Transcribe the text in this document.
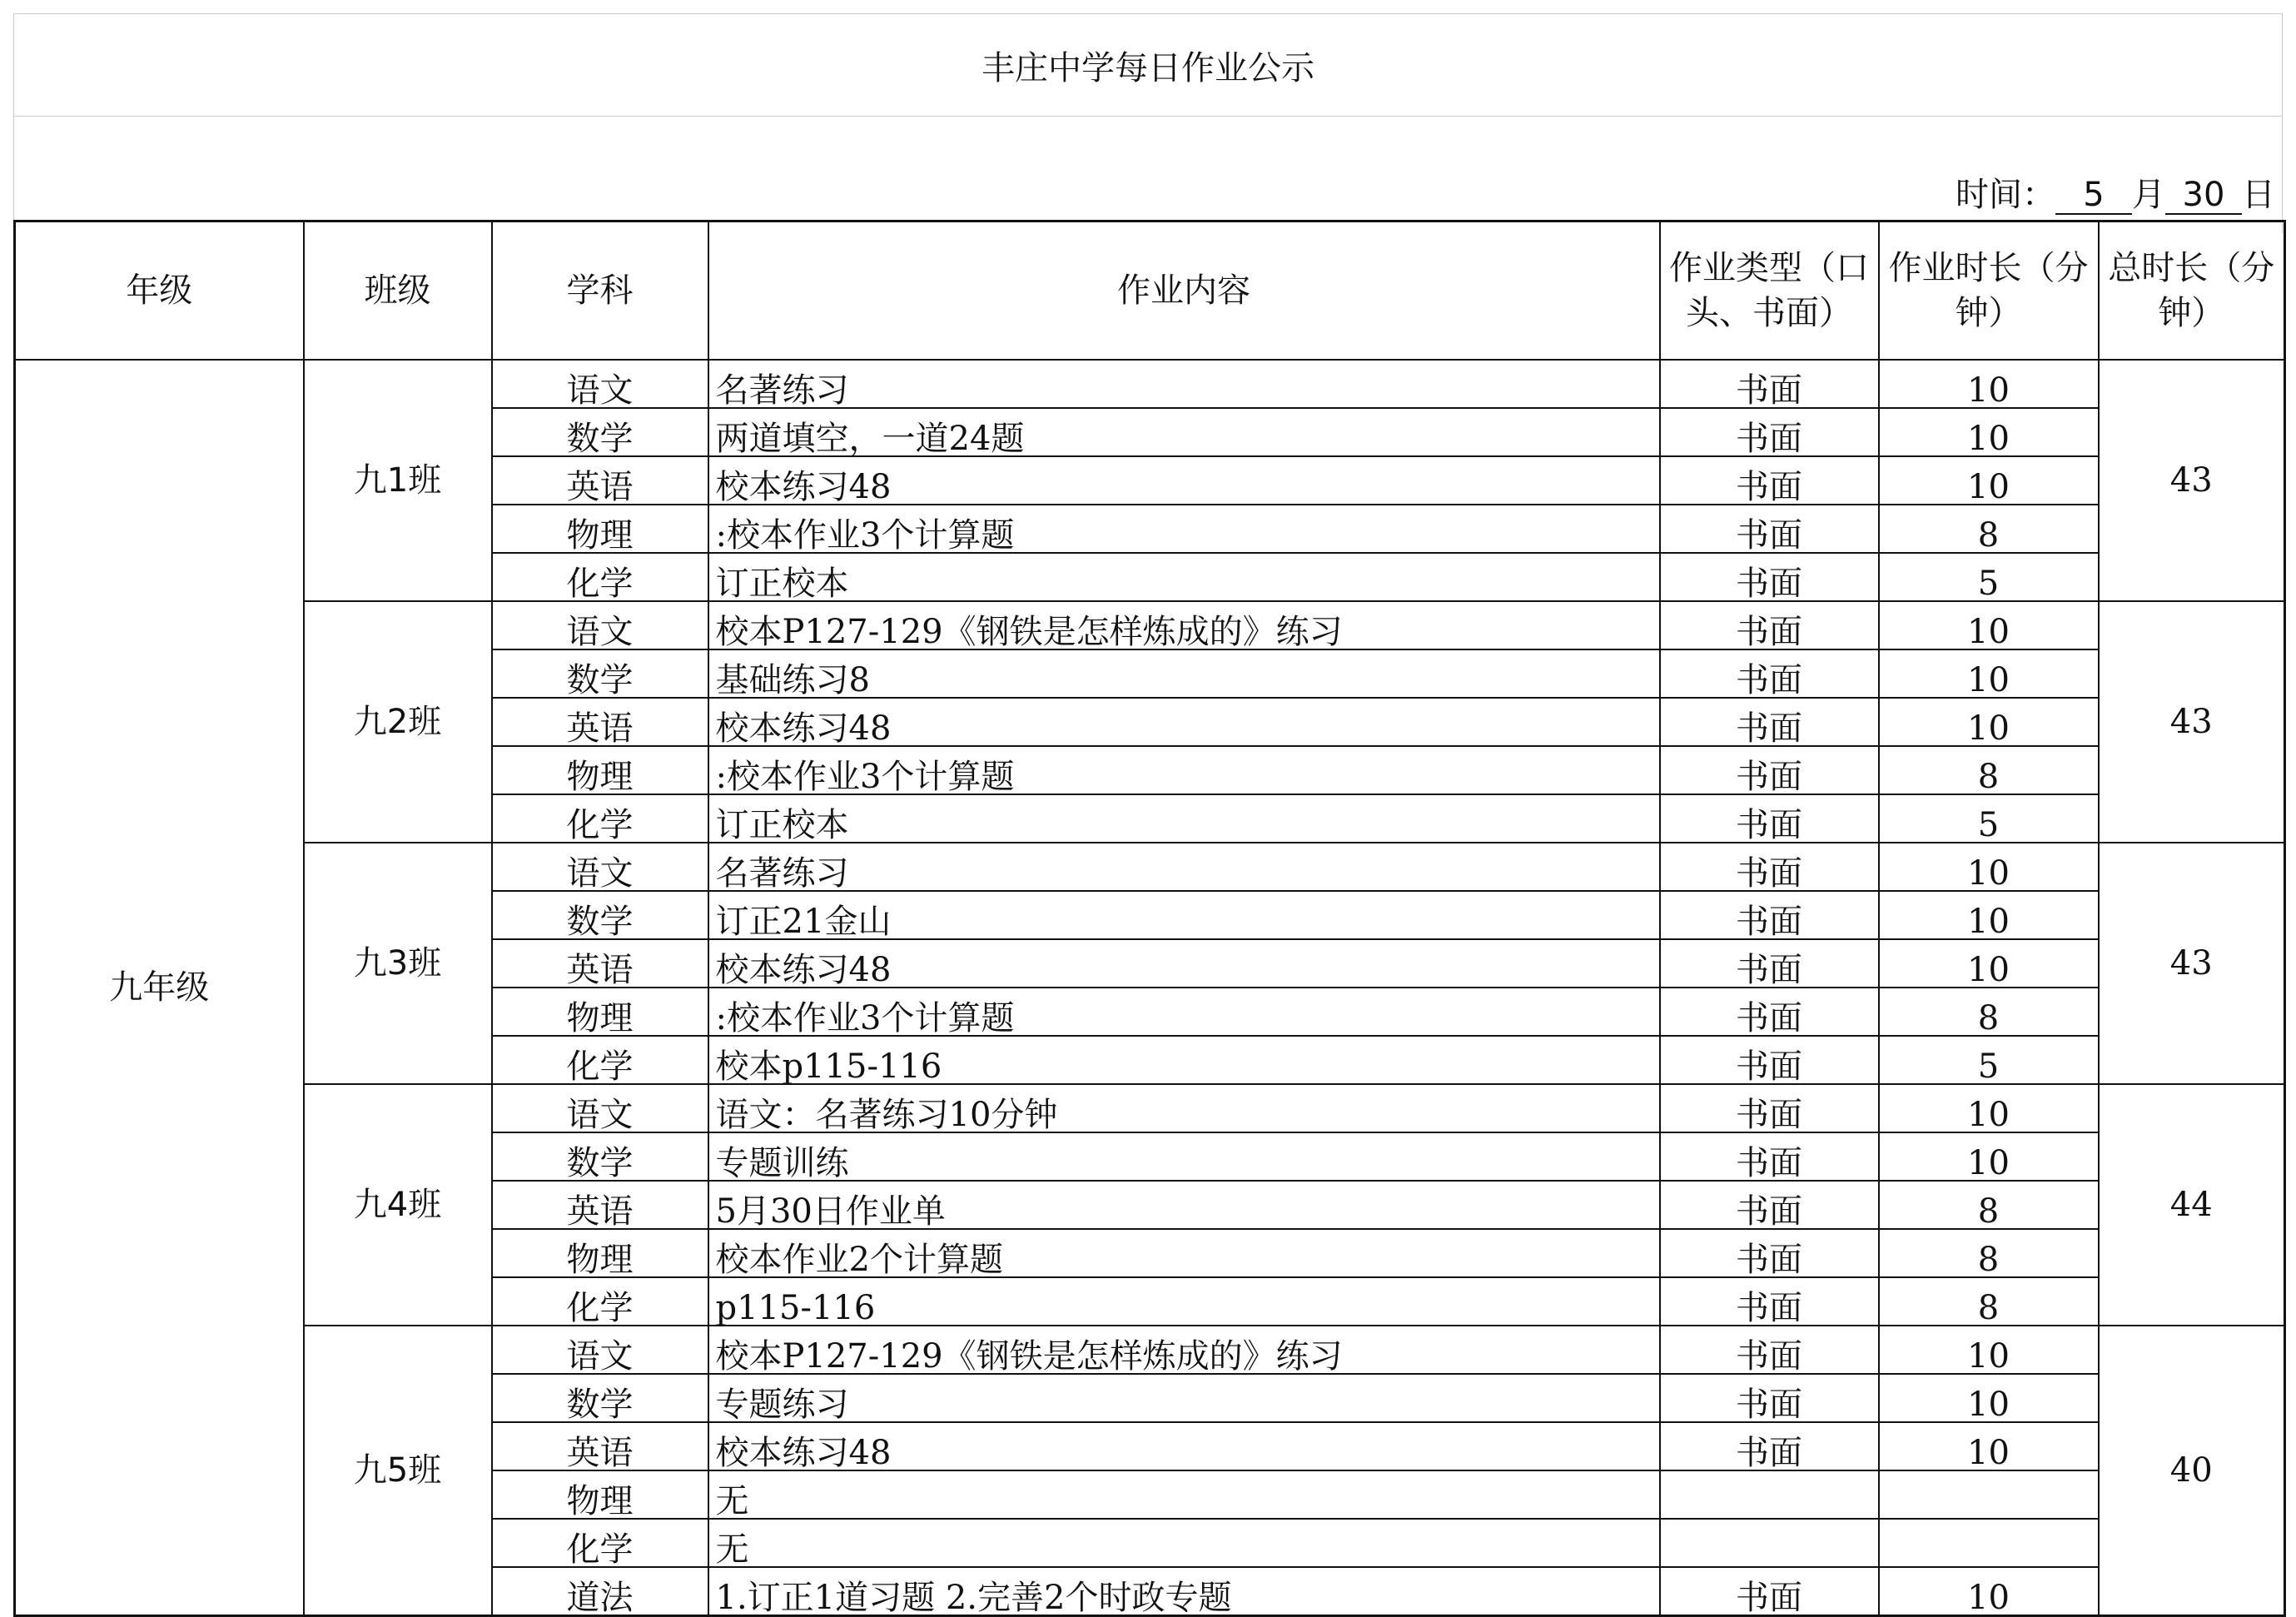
丰庄中学每日作业公示
时间： 5 月 30 日
年级	班级	学科	作业内容	作业类型（口头、书面）	作业时长（分钟）	总时长（分钟）
九年级	九1班	语文	名著练习	书面	10	43
		数学	两道填空，一道24题	书面	10	
		英语	校本练习48	书面	10	
		物理	:校本作业3个计算题	书面	8	
		化学	订正校本	书面	5	
	九2班	语文	校本P127-129《钢铁是怎样炼成的》练习	书面	10	43
		数学	基础练习8	书面	10	
		英语	校本练习48	书面	10	
		物理	:校本作业3个计算题	书面	8	
		化学	订正校本	书面	5	
	九3班	语文	名著练习	书面	10	43
		数学	订正21金山	书面	10	
		英语	校本练习48	书面	10	
		物理	:校本作业3个计算题	书面	8	
		化学	校本p115-116	书面	5	
	九4班	语文	语文：名著练习10分钟	书面	10	44
		数学	专题训练	书面	10	
		英语	5月30日作业单	书面	8	
		物理	校本作业2个计算题	书面	8	
		化学	p115-116	书面	8	
	九5班	语文	校本P127-129《钢铁是怎样炼成的》练习	书面	10	40
		数学	专题练习	书面	10	
		英语	校本练习48	书面	10	
		物理	无			
		化学	无			
		道法	1.订正1道习题 2.完善2个时政专题	书面	10	
